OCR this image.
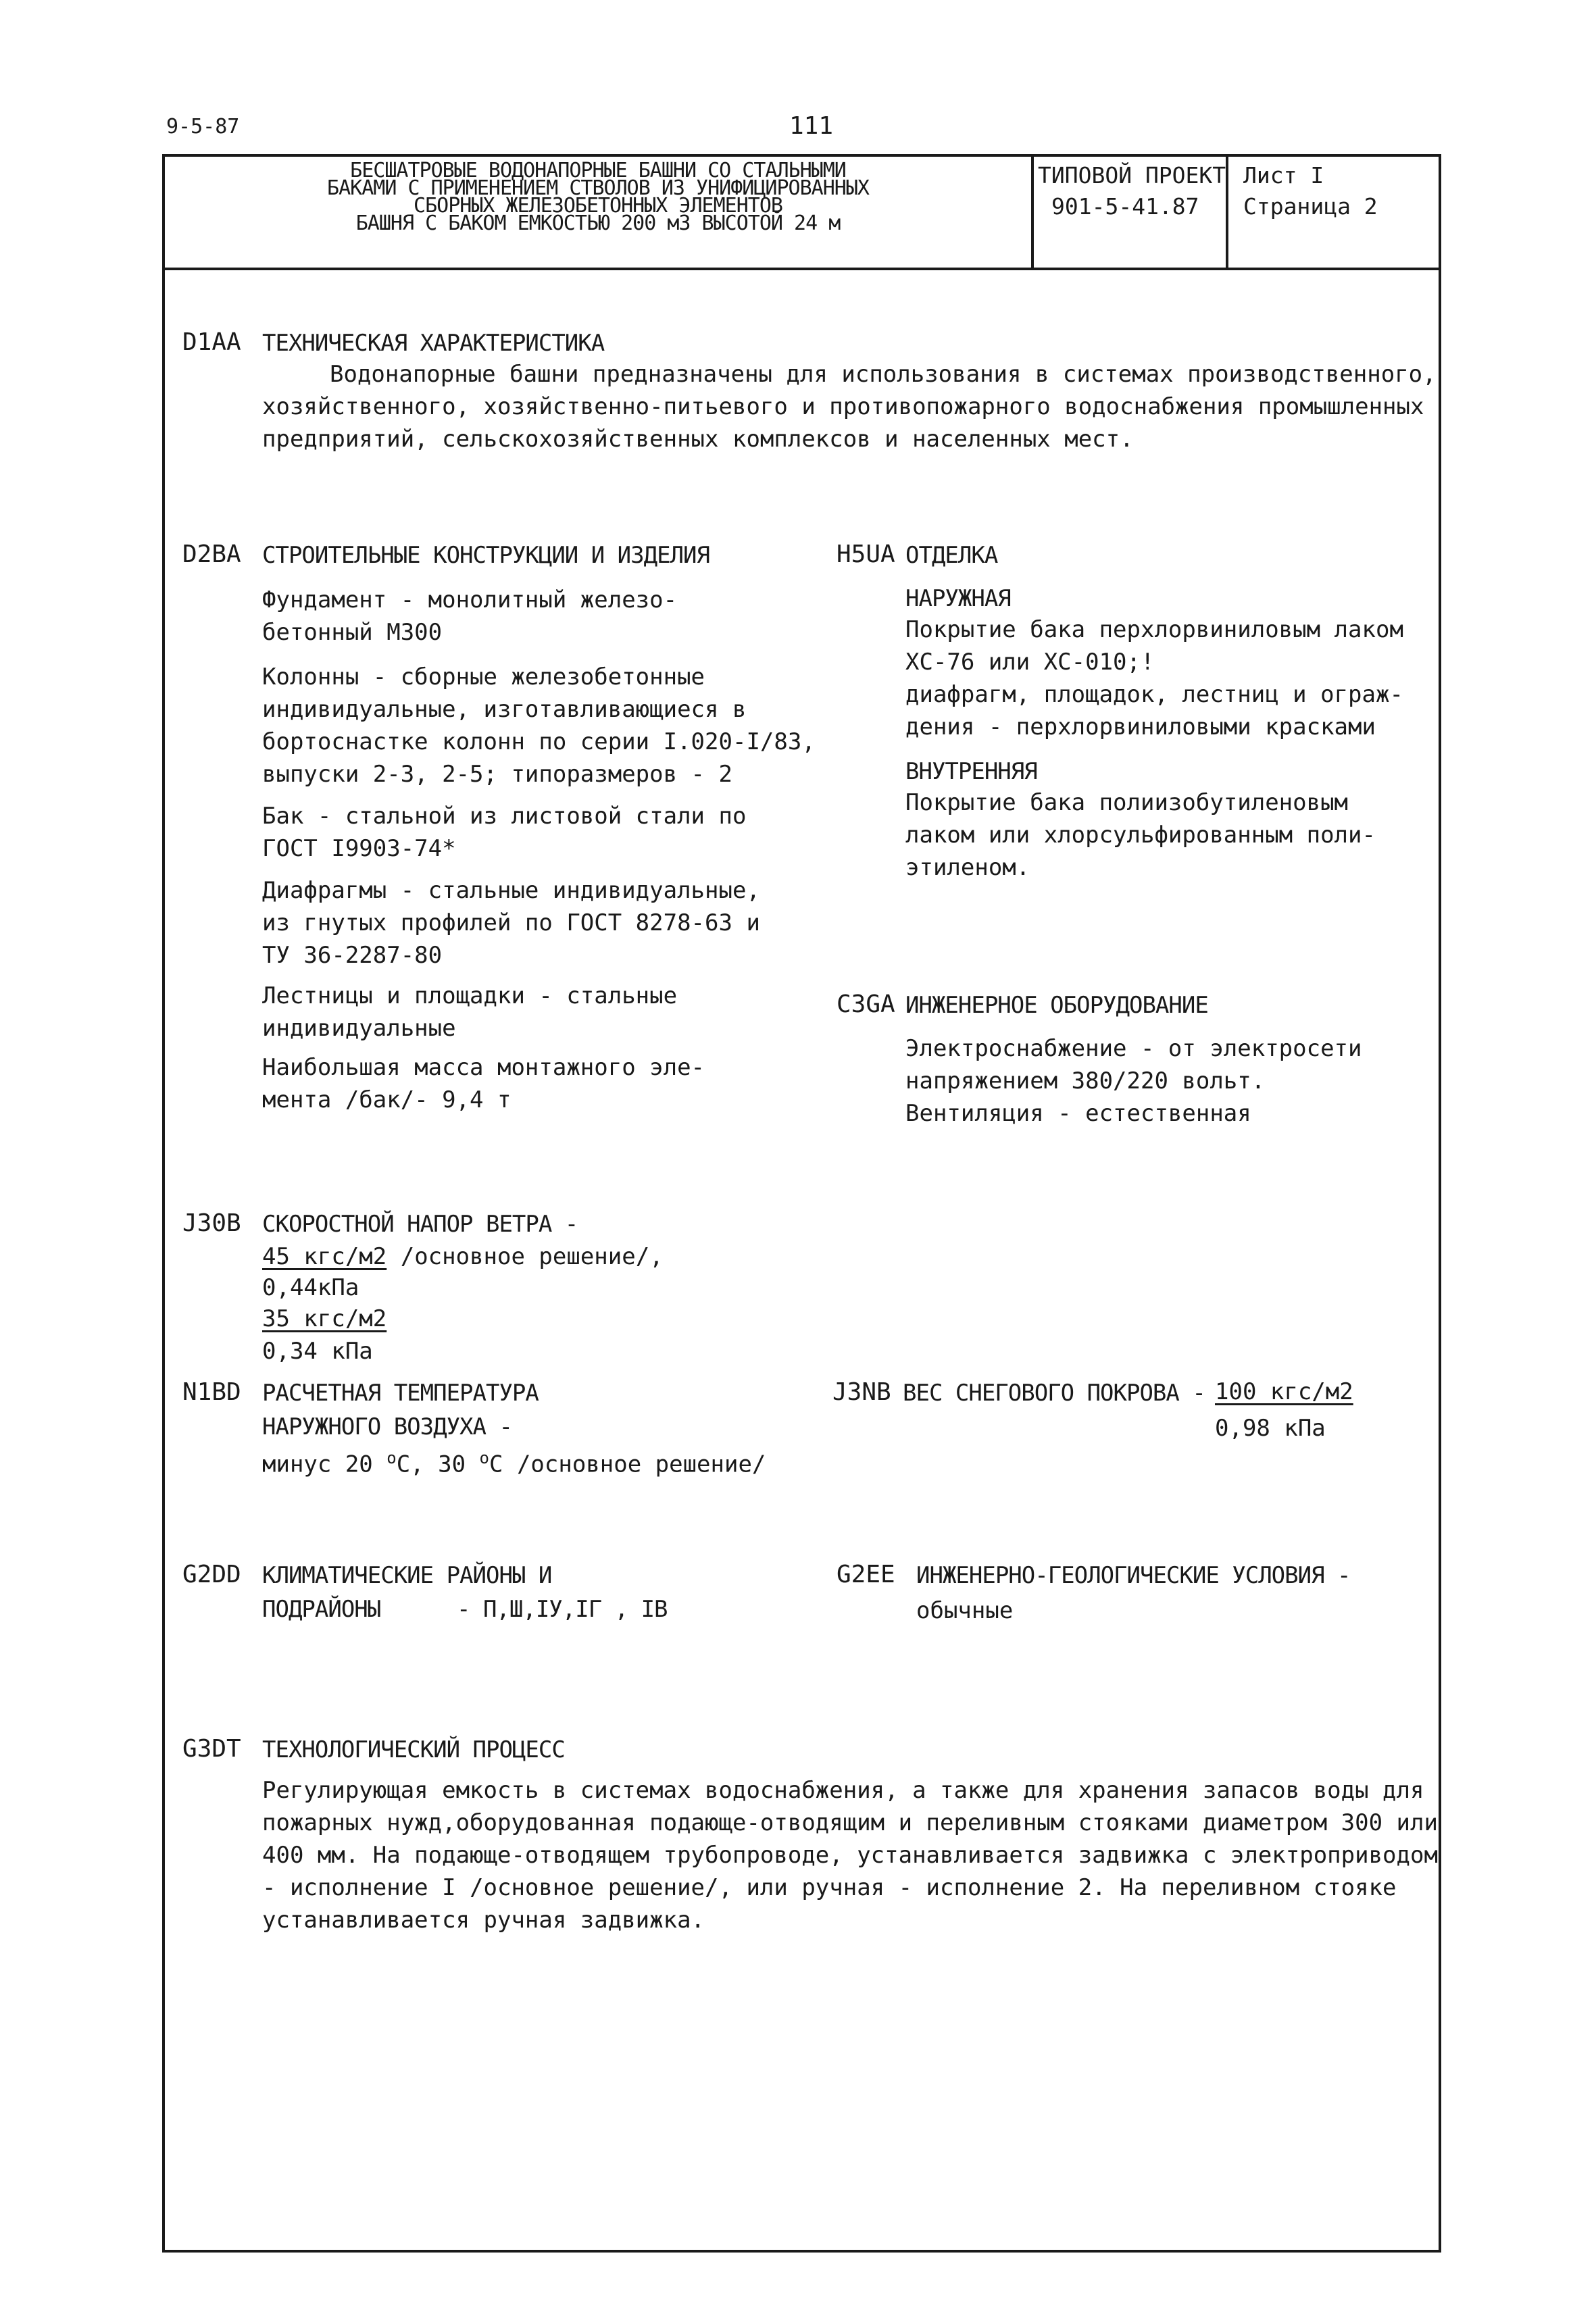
9-5-87	111
БЕСШАТРОВЫЕ ВОДОНАПОРНЫЕ БАШНИ СО СТАЛЬНЫМИ
БАКАМИ С ПРИМЕНЕНИЕМ СТВОЛОВ ИЗ УНИФИЦИРОВАННЫХ
СБОРНЫХ ЖЕЛЕЗОБЕТОННЫХ ЭЛЕМЕНТОВ
БАШНЯ С БАКОМ ЕМКОСТЬЮ 200 м3 ВЫСОТОЙ 24 м
ТИПОВОЙ ПРОЕКТ
901-5-41.87
Лист I
Страница 2
D1AA ТЕХНИЧЕСКАЯ ХАРАКТЕРИСТИКА
Водонапорные башни предназначены для использования в системах производственного,
хозяйственного, хозяйственно-питьевого и противопожарного водоснабжения промышленных
предприятий, сельскохозяйственных комплексов и населенных мест.
D2BA СТРОИТЕЛЬНЫЕ КОНСТРУКЦИИ И ИЗДЕЛИЯ

Фундамент - монолитный железо-

бетонный М300

Колонны - сборные железобетонные

индивидуальные, изготавливающиеся в

бортоснастке колонн по серии I.020-I/83,

выпуски 2-3, 2-5; типоразмеров - 2

Бак - стальной из листовой стали по

ГОСТ I9903-74*

Диафрагмы - стальные индивидуальные,

из гнутых профилей по ГОСТ 8278-63 и

ТУ 36-2287-80

Лестницы и площадки - стальные

индивидуальные

Наибольшая масса монтажного эле-

мента /бак/- 9,4 т

H5UA ОТДЕЛКА
НАРУЖНАЯ

Покрытие бака перхлорвиниловым лаком

ХС-76 или ХС-010;!

диафрагм, площадок, лестниц и ограж-

дения - перхлорвиниловыми красками

ВНУТРЕННЯЯ

Покрытие бака полиизобутиленовым

лаком или хлорсульфированным поли-

этиленом.

C3GA ИНЖЕНЕРНОЕ ОБОРУДОВАНИЕ

Электроснабжение - от электросети

напряжением 380/220 вольт.

Вентиляция - естественная

J30B СКОРОСТНОЙ НАПОР ВЕТРА -
45 кгс/м2 /основное решение/,
0,44кПа
35 кгс/м2
0,34 кПа
N1BD РАСЧЕТНАЯ ТЕМПЕРАТУРА
НАРУЖНОГО ВОЗДУХА -
минус 20 $^о$С, 30 $^о$С /основное решение/
J3NB ВЕС СНЕГОВОГО ПОКРОВА - 100 кгс/м2
0,98 кПа
G2DD КЛИМАТИЧЕСКИЕ РАЙОНЫ И
ПОДРАЙОНЫ	- П,Ш,IУ,IГ , IВ
G2EE ИНЖЕНЕРНО-ГЕОЛОГИЧЕСКИЕ УСЛОВИЯ -
обычные
G3DT ТЕХНОЛОГИЧЕСКИЙ ПРОЦЕСС

Регулирующая емкость в системах водоснабжения, а также для хранения запасов воды для

пожарных нужд,оборудованная подающе-отводящим и переливным стояками диаметром 300 или

400 мм. На подающе-отводящем трубопроводе, устанавливается задвижка с электроприводом

- исполнение I /основное решение/, или ручная - исполнение 2. На переливном стояке

устанавливается ручная задвижка.
